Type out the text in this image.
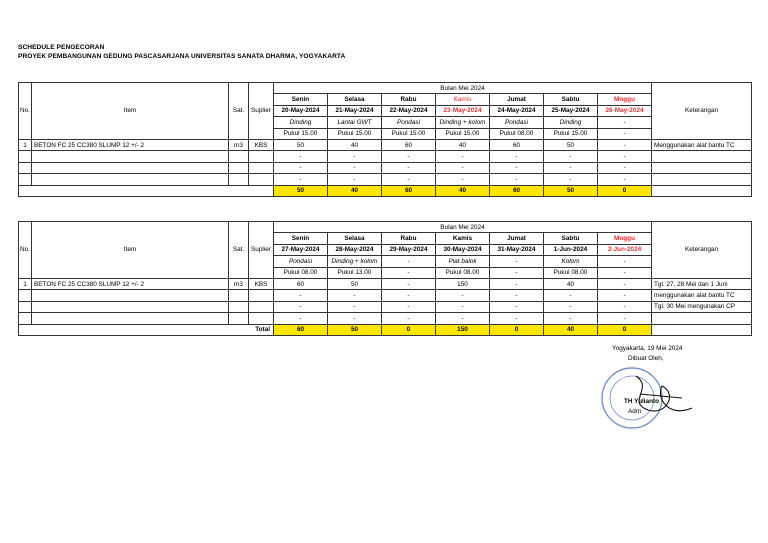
SCHEDULE PENGECORAN
PROYEK PEMBANGUNAN GEDUNG PASCASARJANA UNIVERSITAS SANATA DHARMA, YOGYAKARTA
No.	Item	Sat.	Suplier	Bulan Mei 2024							Keterangan
				Senin	Selasa	Rabu	Kamis	Jumat	Sabtu	Mnggu	
				20-May-2024	21-May-2024	22-May-2024	23-May-2024	24-May-2024	25-May-2024	26-May-2024	
				Dinding	Lantai GWT	Pondasi	Dinding + kolom	Pondasi	Dinding	-	
				Pukul 15.00	Pukul 15.00	Pukul 15.00	Pukul 15.00	Pukul 08.00	Pukul 15.00	-	
1	BETON FC 25 CC380 SLUMP 12 +/- 2	m3	KBS	50	40	60	40	60	50	-	Menggunakan alat bantu TC
				-	-	-	-	-	-	-	
				-	-	-	-	-	-	-	
				-	-	-	-	-	-	-	
				50	40	60	40	60	50	0	
No.	Item	Sat.	Suplier	Bulan Mei 2024							Keterangan
				Senin	Selasa	Rabu	Kamis	Jumat	Sabtu	Mnggu	
				27-May-2024	28-May-2024	29-May-2024	30-May-2024	31-May-2024	1-Jun-2024	2-Jun-2024	
				Pondasi	Dinding + kolom	-	Plat balok	-	Kolom	-	
				Pukul 08.00	Pukul 13.00	-	Pukul 08.00	-	Pukul 08.00	-	
1	BETON FC 25 CC380 SLUMP 12 +/- 2	m3	KBS	60	50	-	150	-	40	-	Tgl. 27, 28 Mei dan 1 Juni
				-	-	-	-	-	-	-	menggunakan alat bantu TC
				-	-	-	-	-	-	-	Tgl. 30 Mei mengunakan CP
				-	-	-	-	-	-	-	
Total				60	50	0	150	0	40	0	
Yogyakarta, 19 Mei 2024
Dibuat Oleh,
TH Yulianto
Adm
